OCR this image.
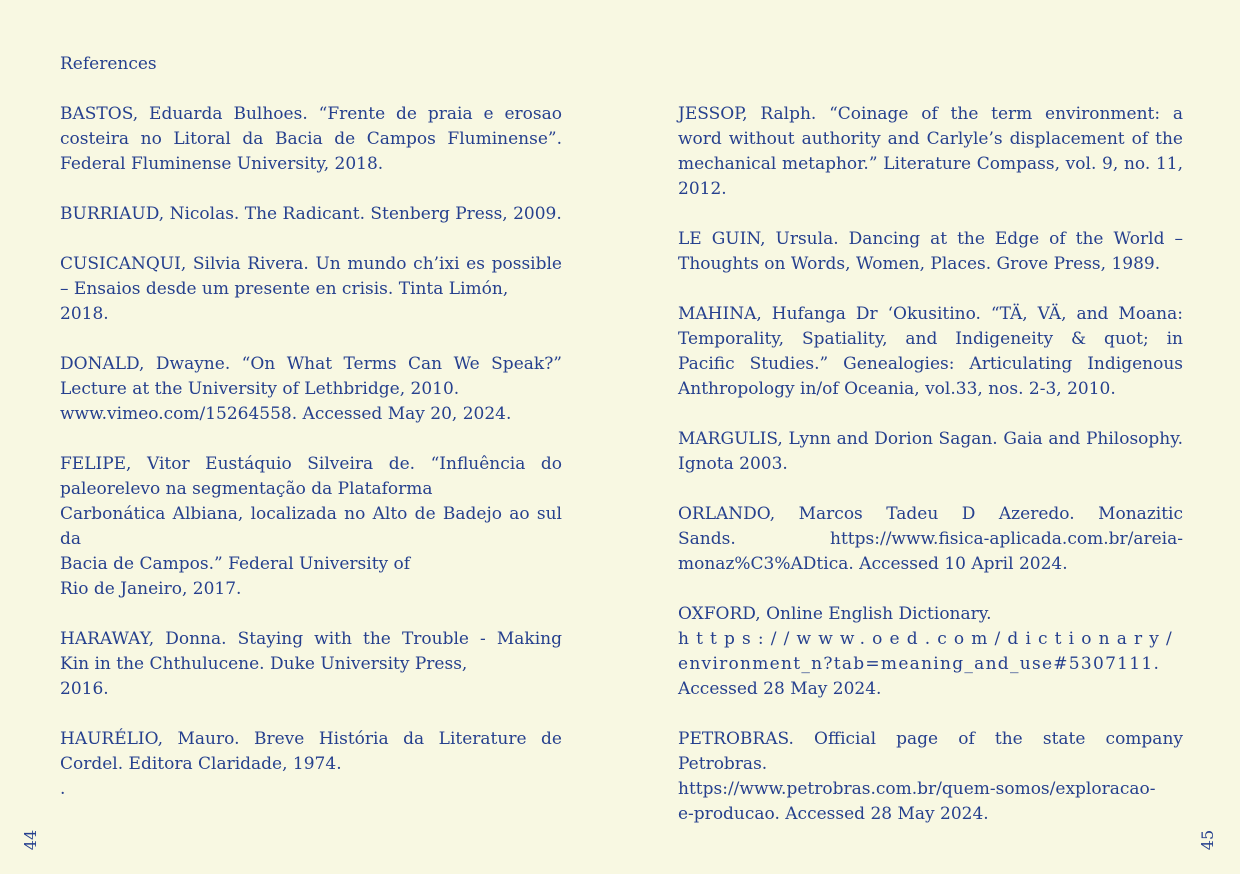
References
BASTOS, Eduarda Bulhoes. “Frente de praia e erosao
costeira no Litoral da Bacia de Campos Fluminense”.
Federal Fluminense University, 2018.
BURRIAUD, Nicolas. The Radicant. Stenberg Press, 2009.
CUSICANQUI, Silvia Rivera. Un mundo ch’ixi es possible
– Ensaios desde um presente en crisis. Tinta Limón, 2018.
DONALD, Dwayne. “On What Terms Can We Speak?”
Lecture at the University of Lethbridge, 2010.
www.vimeo.com/15264558. Accessed May 20, 2024.
FELIPE, Vitor Eustáquio Silveira de. “Influência do
paleorelevo na segmentação da Plataforma
Carbonática Albiana, localizada no Alto de Badejo ao sul da
Bacia de Campos.” Federal University of
Rio de Janeiro, 2017.
HARAWAY, Donna. Staying with the Trouble - Making
Kin in the Chthulucene. Duke University Press,
2016.
HAURÉLIO, Mauro. Breve História da Literature de
Cordel. Editora Claridade, 1974.
.
JESSOP, Ralph. “Coinage of the term environment: a
word without authority and Carlyle’s displacement of the
mechanical metaphor.” Literature Compass, vol. 9, no. 11,
2012.
LE GUIN, Ursula. Dancing at the Edge of the World –
Thoughts on Words, Women, Places. Grove Press, 1989.
MAHINA, Hufanga Dr ‘Okusitino. “TÄ, VÄ, and Moana:
Temporality, Spatiality, and Indigeneity & quot; in
Pacific Studies.” Genealogies: Articulating Indigenous
Anthropology in/of Oceania, vol.33, nos. 2-3, 2010.
MARGULIS, Lynn and Dorion Sagan. Gaia and Philosophy.
Ignota 2003.
ORLANDO, Marcos Tadeu D Azeredo. Monazitic
Sands. https://www.fisica-aplicada.com.br/areia-
monaz%C3%ADtica. Accessed 10 April 2024.
OXFORD, Online English Dictionary.
https://www.oed.com/dictionary/
environment_n?tab=meaning_and_use#5307111.
Accessed 28 May 2024.
PETROBRAS. Official page of the state company Petrobras.
https://www.petrobras.com.br/quem-somos/exploracao-
e-producao. Accessed 28 May 2024.
44	45
